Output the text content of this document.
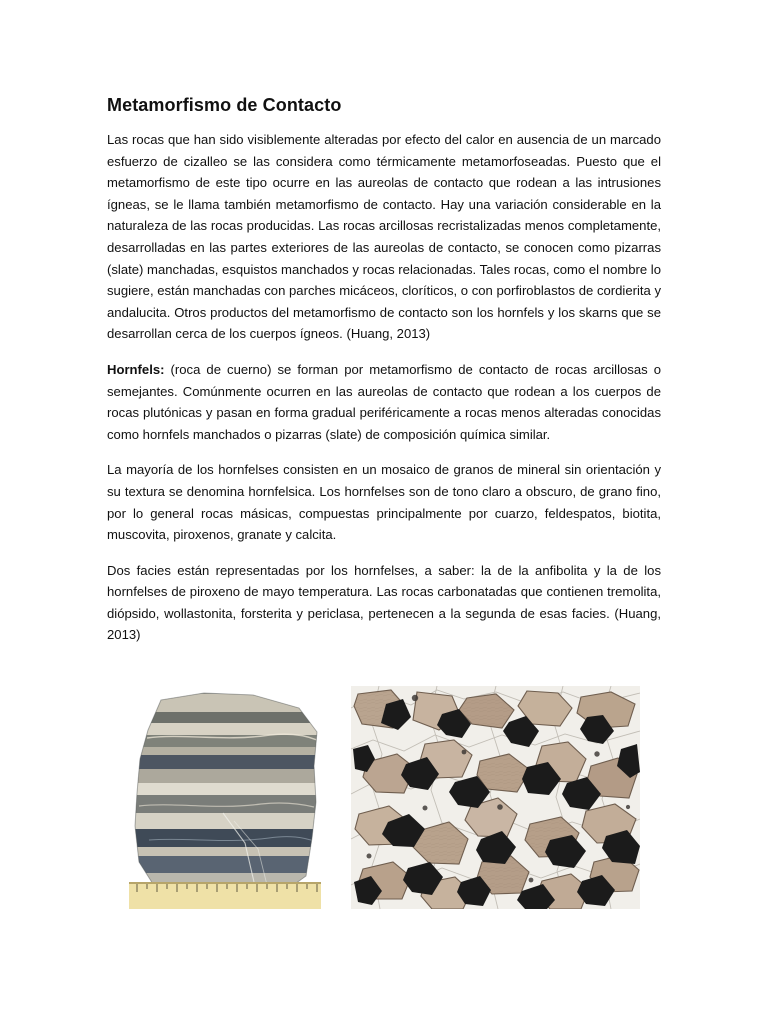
Metamorfismo de Contacto

Las rocas que han sido visiblemente alteradas por efecto del calor en ausencia de un marcado esfuerzo de cizalleo se las considera como térmicamente metamorfoseadas. Puesto que el metamorfismo de este tipo ocurre en las aureolas de contacto que rodean a las intrusiones ígneas, se le llama también metamorfismo de contacto. Hay una variación considerable en la naturaleza de las rocas producidas. Las rocas arcillosas recristalizadas menos completamente, desarrolladas en las partes exteriores de las aureolas de contacto, se conocen como pizarras (slate) manchadas, esquistos manchados y rocas relacionadas. Tales rocas, como el nombre lo sugiere, están manchadas con parches micáceos, cloríticos, o con porfiroblastos de cordierita y andalucita. Otros productos del metamorfismo de contacto son los hornfels y los skarns que se desarrollan cerca de los cuerpos ígneos. (Huang, 2013)

Hornfels: (roca de cuerno) se forman por metamorfismo de contacto de rocas arcillosas o semejantes. Comúnmente ocurren en las aureolas de contacto que rodean a los cuerpos de rocas plutónicas y pasan en forma gradual periféricamente a rocas menos alteradas conocidas como hornfels manchados o pizarras (slate) de composición química similar.

La mayoría de los hornfelses consisten en un mosaico de granos de mineral sin orientación y su textura se denomina hornfelsica. Los hornfelses son de tono claro a obscuro, de grano fino, por lo general rocas másicas, compuestas principalmente por cuarzo, feldespatos, biotita, muscovita, piroxenos, granate y calcita.

Dos facies están representadas por los hornfelses, a saber: la de la anfibolita y la de los hornfelses de piroxeno de mayo temperatura. Las rocas carbonatadas que contienen tremolita, diópsido, wollastonita, forsterita y periclasa, pertenecen a la segunda de esas facies. (Huang, 2013)
